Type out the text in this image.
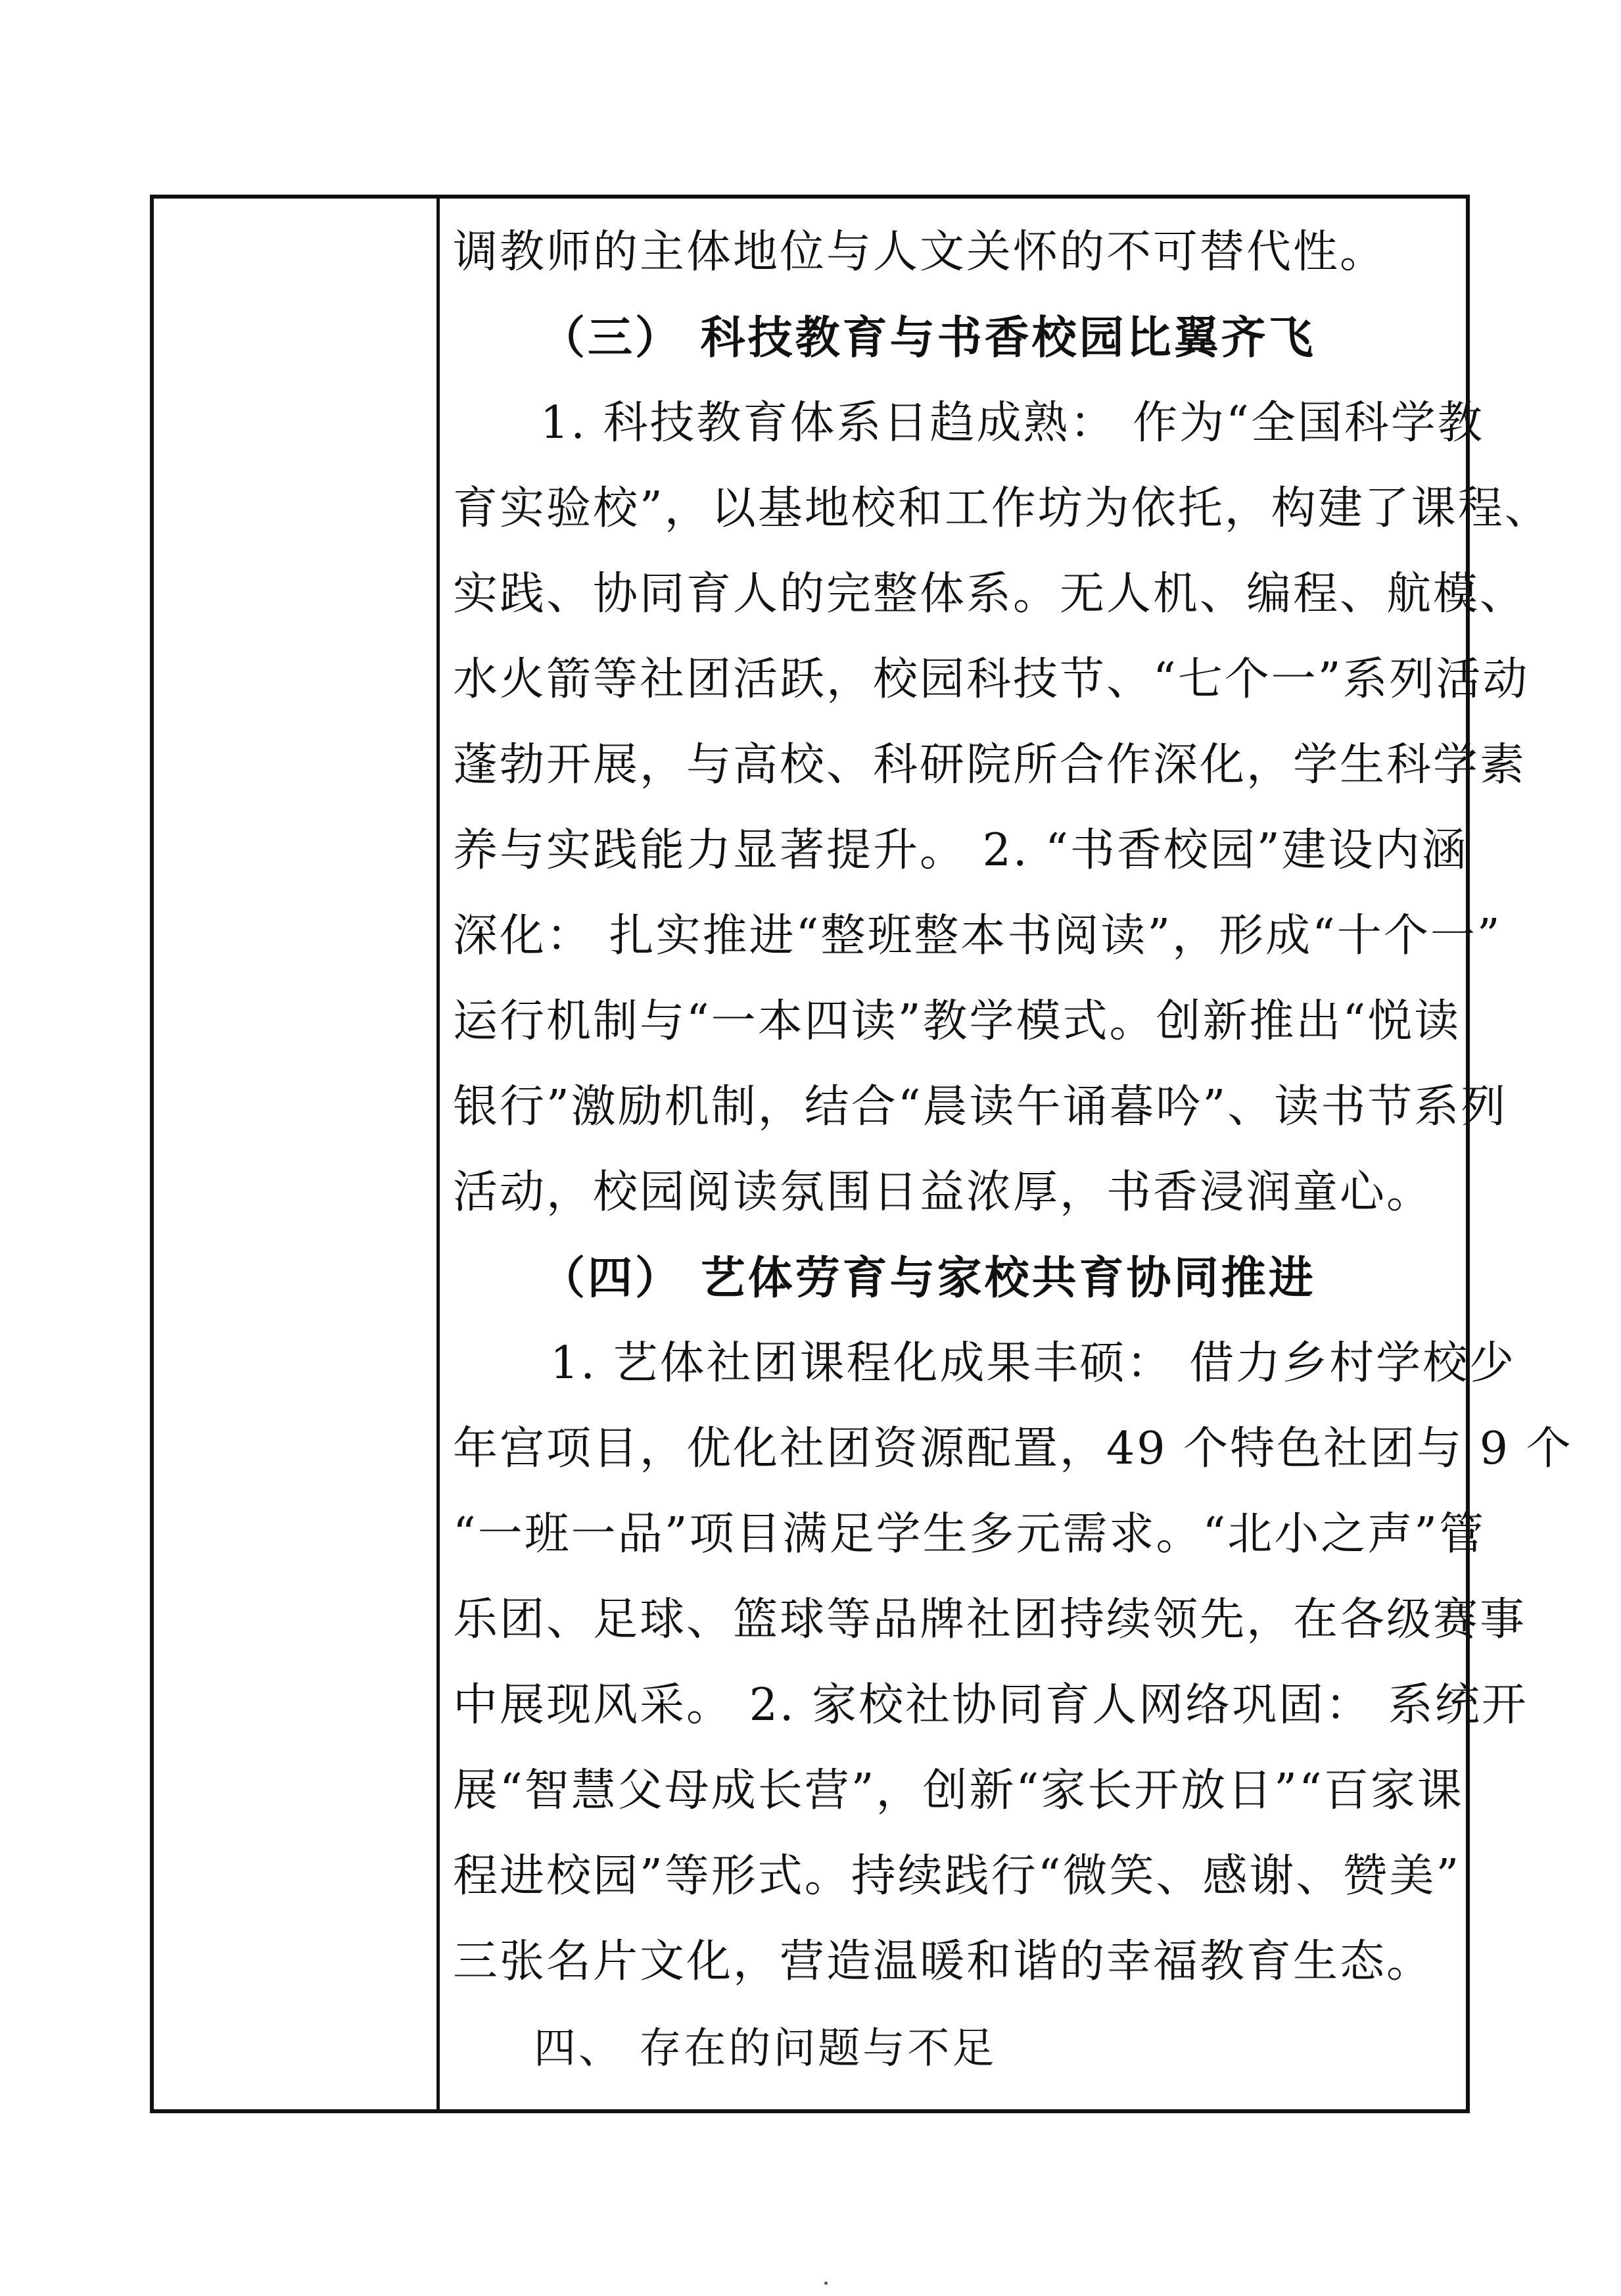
调教师的主体地位与人文关怀的不可替代性。
（三） 科技教育与书香校园比翼齐飞
1. 科技教育体系日趋成熟： 作为“全国科学教
育实验校”，以基地校和工作坊为依托，构建了课程、
实践、协同育人的完整体系。无人机、编程、航模、
水火箭等社团活跃，校园科技节、“七个一”系列活动
蓬勃开展，与高校、科研院所合作深化，学生科学素
养与实践能力显著提升。 2. “书香校园”建设内涵
深化： 扎实推进“整班整本书阅读”，形成“十个一”
运行机制与“一本四读”教学模式。创新推出“悦读
银行”激励机制，结合“晨读午诵暮吟”、读书节系列
活动，校园阅读氛围日益浓厚，书香浸润童心。
（四） 艺体劳育与家校共育协同推进
1. 艺体社团课程化成果丰硕： 借力乡村学校少
年宫项目，优化社团资源配置，49 个特色社团与 9 个
“一班一品”项目满足学生多元需求。“北小之声”管
乐团、足球、篮球等品牌社团持续领先，在各级赛事
中展现风采。 2. 家校社协同育人网络巩固： 系统开
展“智慧父母成长营”，创新“家长开放日”“百家课
程进校园”等形式。持续践行“微笑、感谢、赞美”
三张名片文化，营造温暖和谐的幸福教育生态。
四、 存在的问题与不足
